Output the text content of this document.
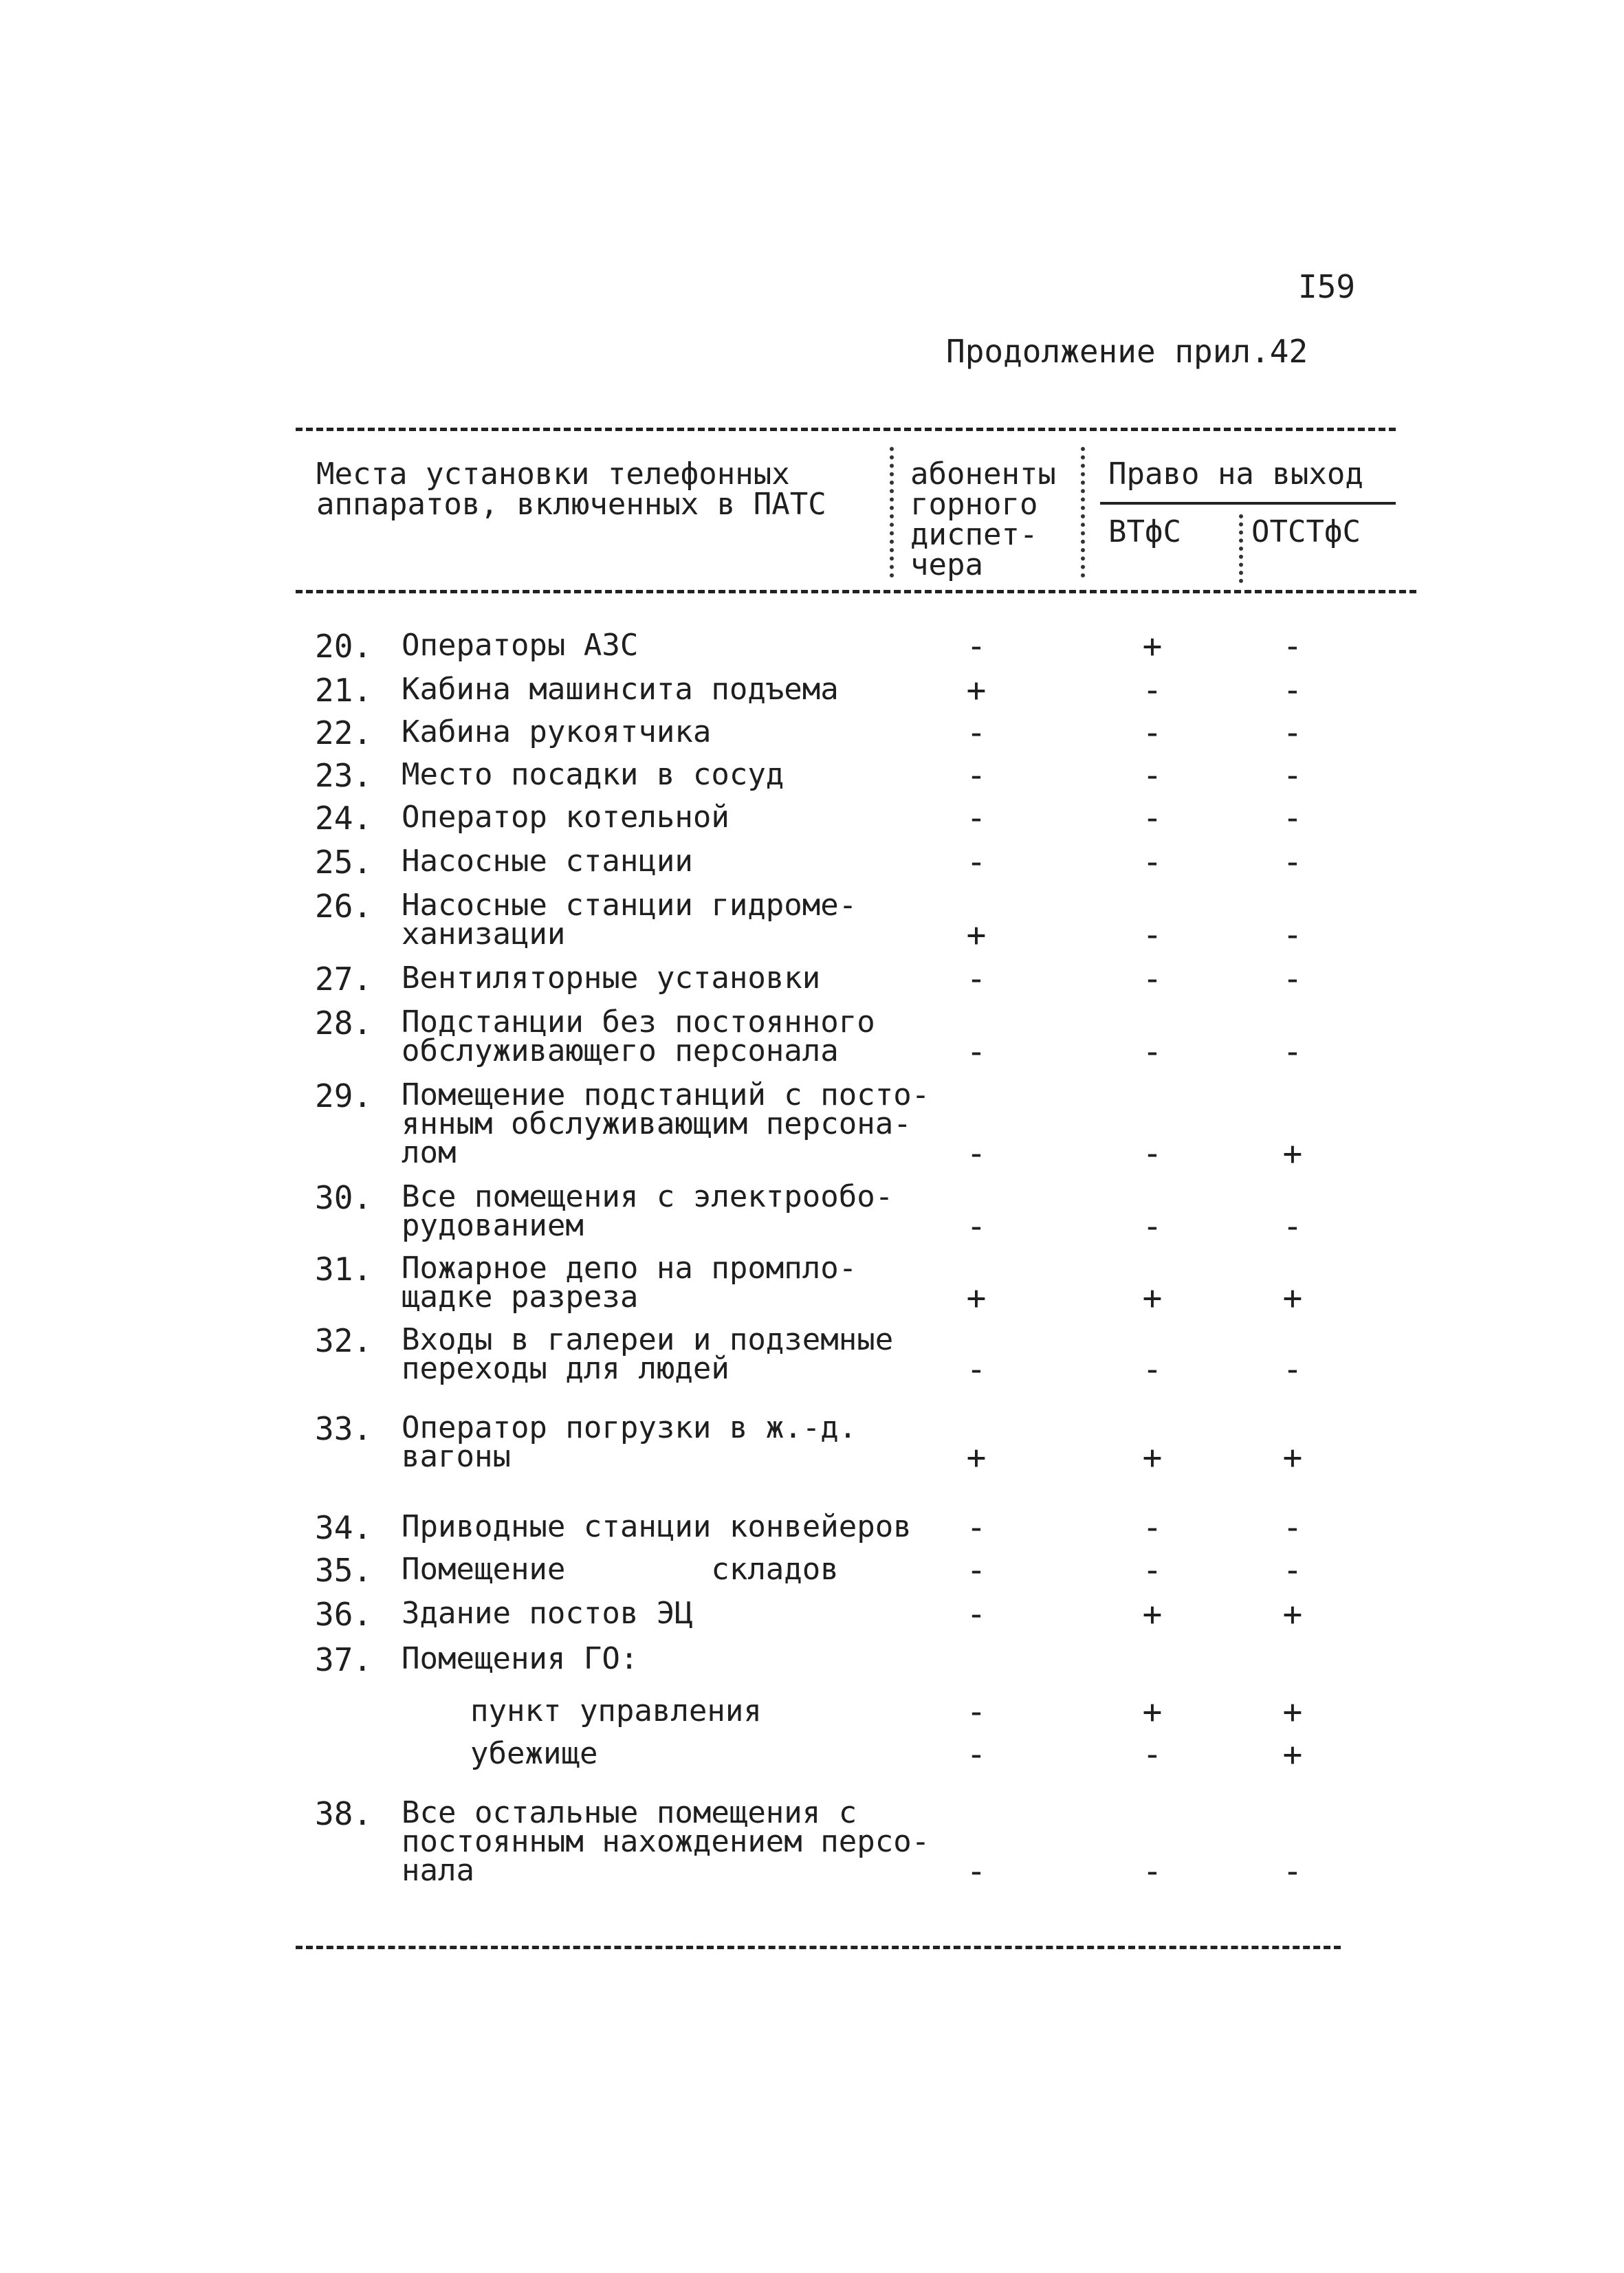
I59
Продолжение прил.42
Места установки телефонных
аппаратов, включенных в ПАТС
абоненты
горного
диспет-
чера
Право на выход
ВТфС ОТСТфС
20. Операторы АЗС	-	+	-
21. Кабина машинсита подъема	+	-	-
22. Кабина рукоятчика	-	-	-
23. Место посадки в сосуд	-	-	-
24. Оператор котельной	-	-	-
25. Насосные станции	-	-	-
26. Насосные станции гидроме-
ханизации	+	-	-
27. Вентиляторные установки	-	-	-
28. Подстанции без постоянного
обслуживающего персонала	-	-	-
29. Помещение подстанций с посто-
янным обслуживающим персона-
лом	-	-	+
30. Все помещения с электрообо-
рудованием	-	-	-
31. Пожарное депо на промпло-
щадке разреза	+	+	+
32. Входы в галереи и подземные
переходы для людей	-	-	-
33. Оператор погрузки в ж.-д.
вагоны	+	+	+
34. Приводные станции конвейеров	-	-	-
35. Помещение        складов	-	-	-
36. Здание постов ЭЦ	-	+	+
37. Помещения ГО:
пункт управления	-	+	+
убежище	-	-	+
38. Все остальные помещения с
постоянным нахождением персо-
нала	-	-	-
